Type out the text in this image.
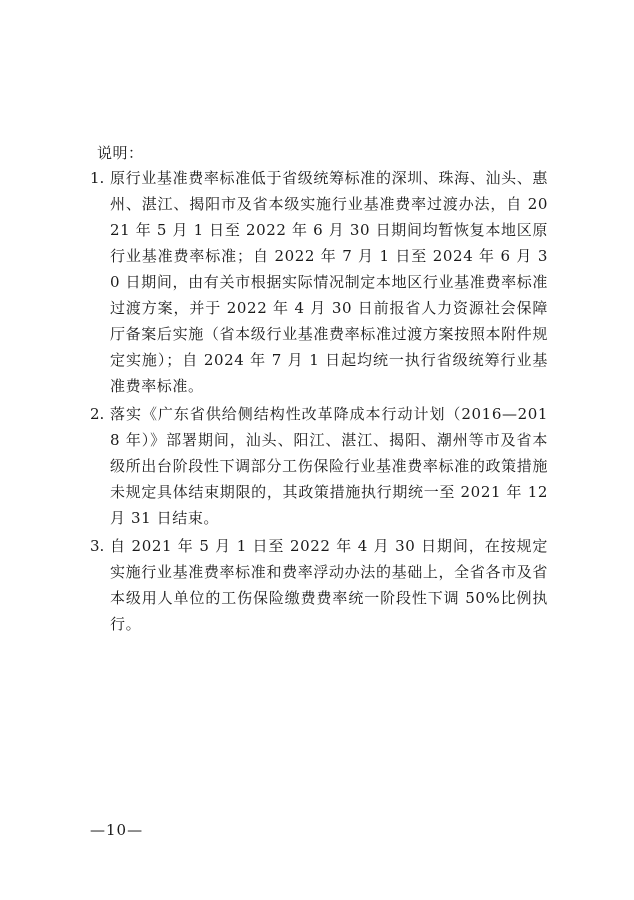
说明：
1. 原行业基准费率标准低于省级统筹标准的深圳、珠海、汕头、惠州、湛江、揭阳市及省本级实施行业基准费率过渡办法，自 2021 年 5 月 1 日至 2022 年 6 月 30 日期间均暂恢复本地区原行业基准费率标准；自 2022 年 7 月 1 日至 2024 年 6 月 30 日期间，由有关市根据实际情况制定本地区行业基准费率标准过渡方案，并于 2022 年 4 月 30 日前报省人力资源社会保障厅备案后实施（省本级行业基准费率标准过渡方案按照本附件规定实施）；自 2024 年 7 月 1 日起均统一执行省级统筹行业基准费率标准。
2. 落实《广东省供给侧结构性改革降成本行动计划（2016—2018 年）》部署期间，汕头、阳江、湛江、揭阳、潮州等市及省本级所出台阶段性下调部分工伤保险行业基准费率标准的政策措施未规定具体结束期限的，其政策措施执行期统一至 2021 年 12 月 31 日结束。
3. 自 2021 年 5 月 1 日至 2022 年 4 月 30 日期间，在按规定实施行业基准费率标准和费率浮动办法的基础上，全省各市及省本级用人单位的工伤保险缴费费率统一阶段性下调 50%比例执行。
—10—
